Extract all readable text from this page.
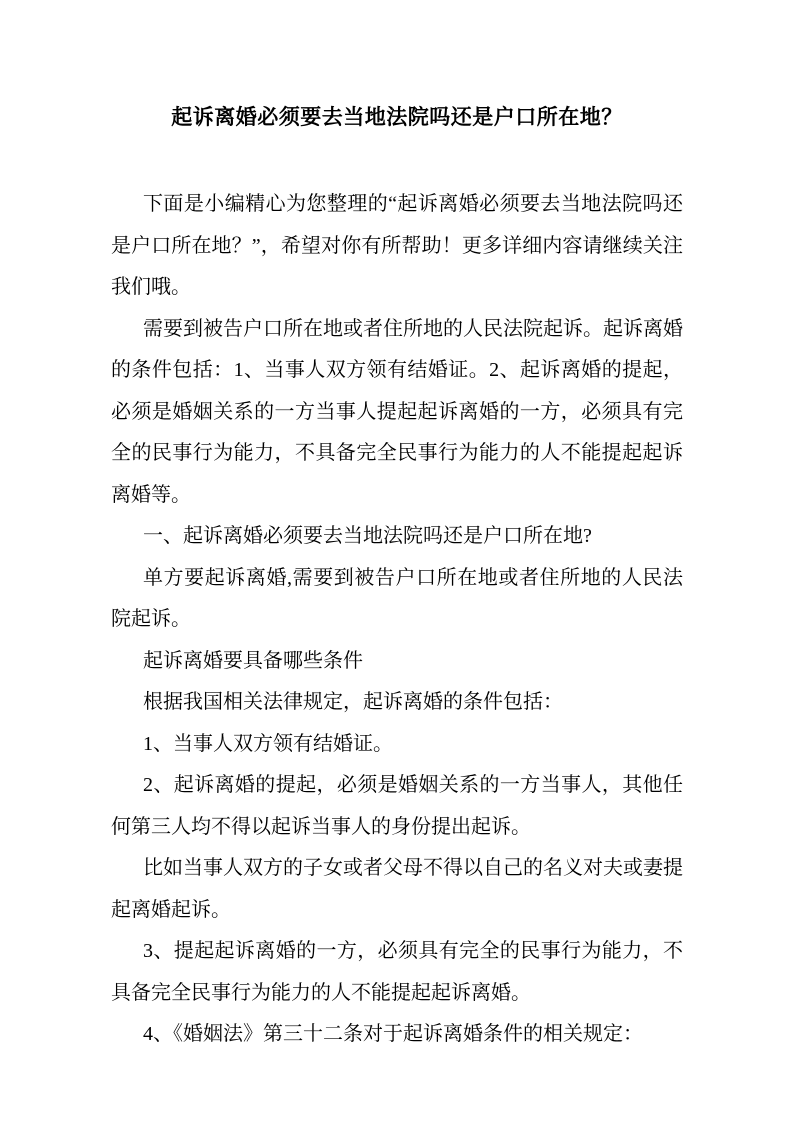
起诉离婚必须要去当地法院吗还是户口所在地？

下面是小编精心为您整理的“起诉离婚必须要去当地法院吗还是户口所在地？”，希望对你有所帮助！更多详细内容请继续关注我们哦。

需要到被告户口所在地或者住所地的人民法院起诉。起诉离婚的条件包括：1、当事人双方领有结婚证。2、起诉离婚的提起，必须是婚姻关系的一方当事人提起起诉离婚的一方，必须具有完全的民事行为能力，不具备完全民事行为能力的人不能提起起诉离婚等。

一、起诉离婚必须要去当地法院吗还是户口所在地?

单方要起诉离婚,需要到被告户口所在地或者住所地的人民法院起诉。

起诉离婚要具备哪些条件

根据我国相关法律规定，起诉离婚的条件包括：

1、当事人双方领有结婚证。

2、起诉离婚的提起，必须是婚姻关系的一方当事人，其他任何第三人均不得以起诉当事人的身份提出起诉。

比如当事人双方的子女或者父母不得以自己的名义对夫或妻提起离婚起诉。

3、提起起诉离婚的一方，必须具有完全的民事行为能力，不具备完全民事行为能力的人不能提起起诉离婚。

4、《婚姻法》第三十二条对于起诉离婚条件的相关规定：
